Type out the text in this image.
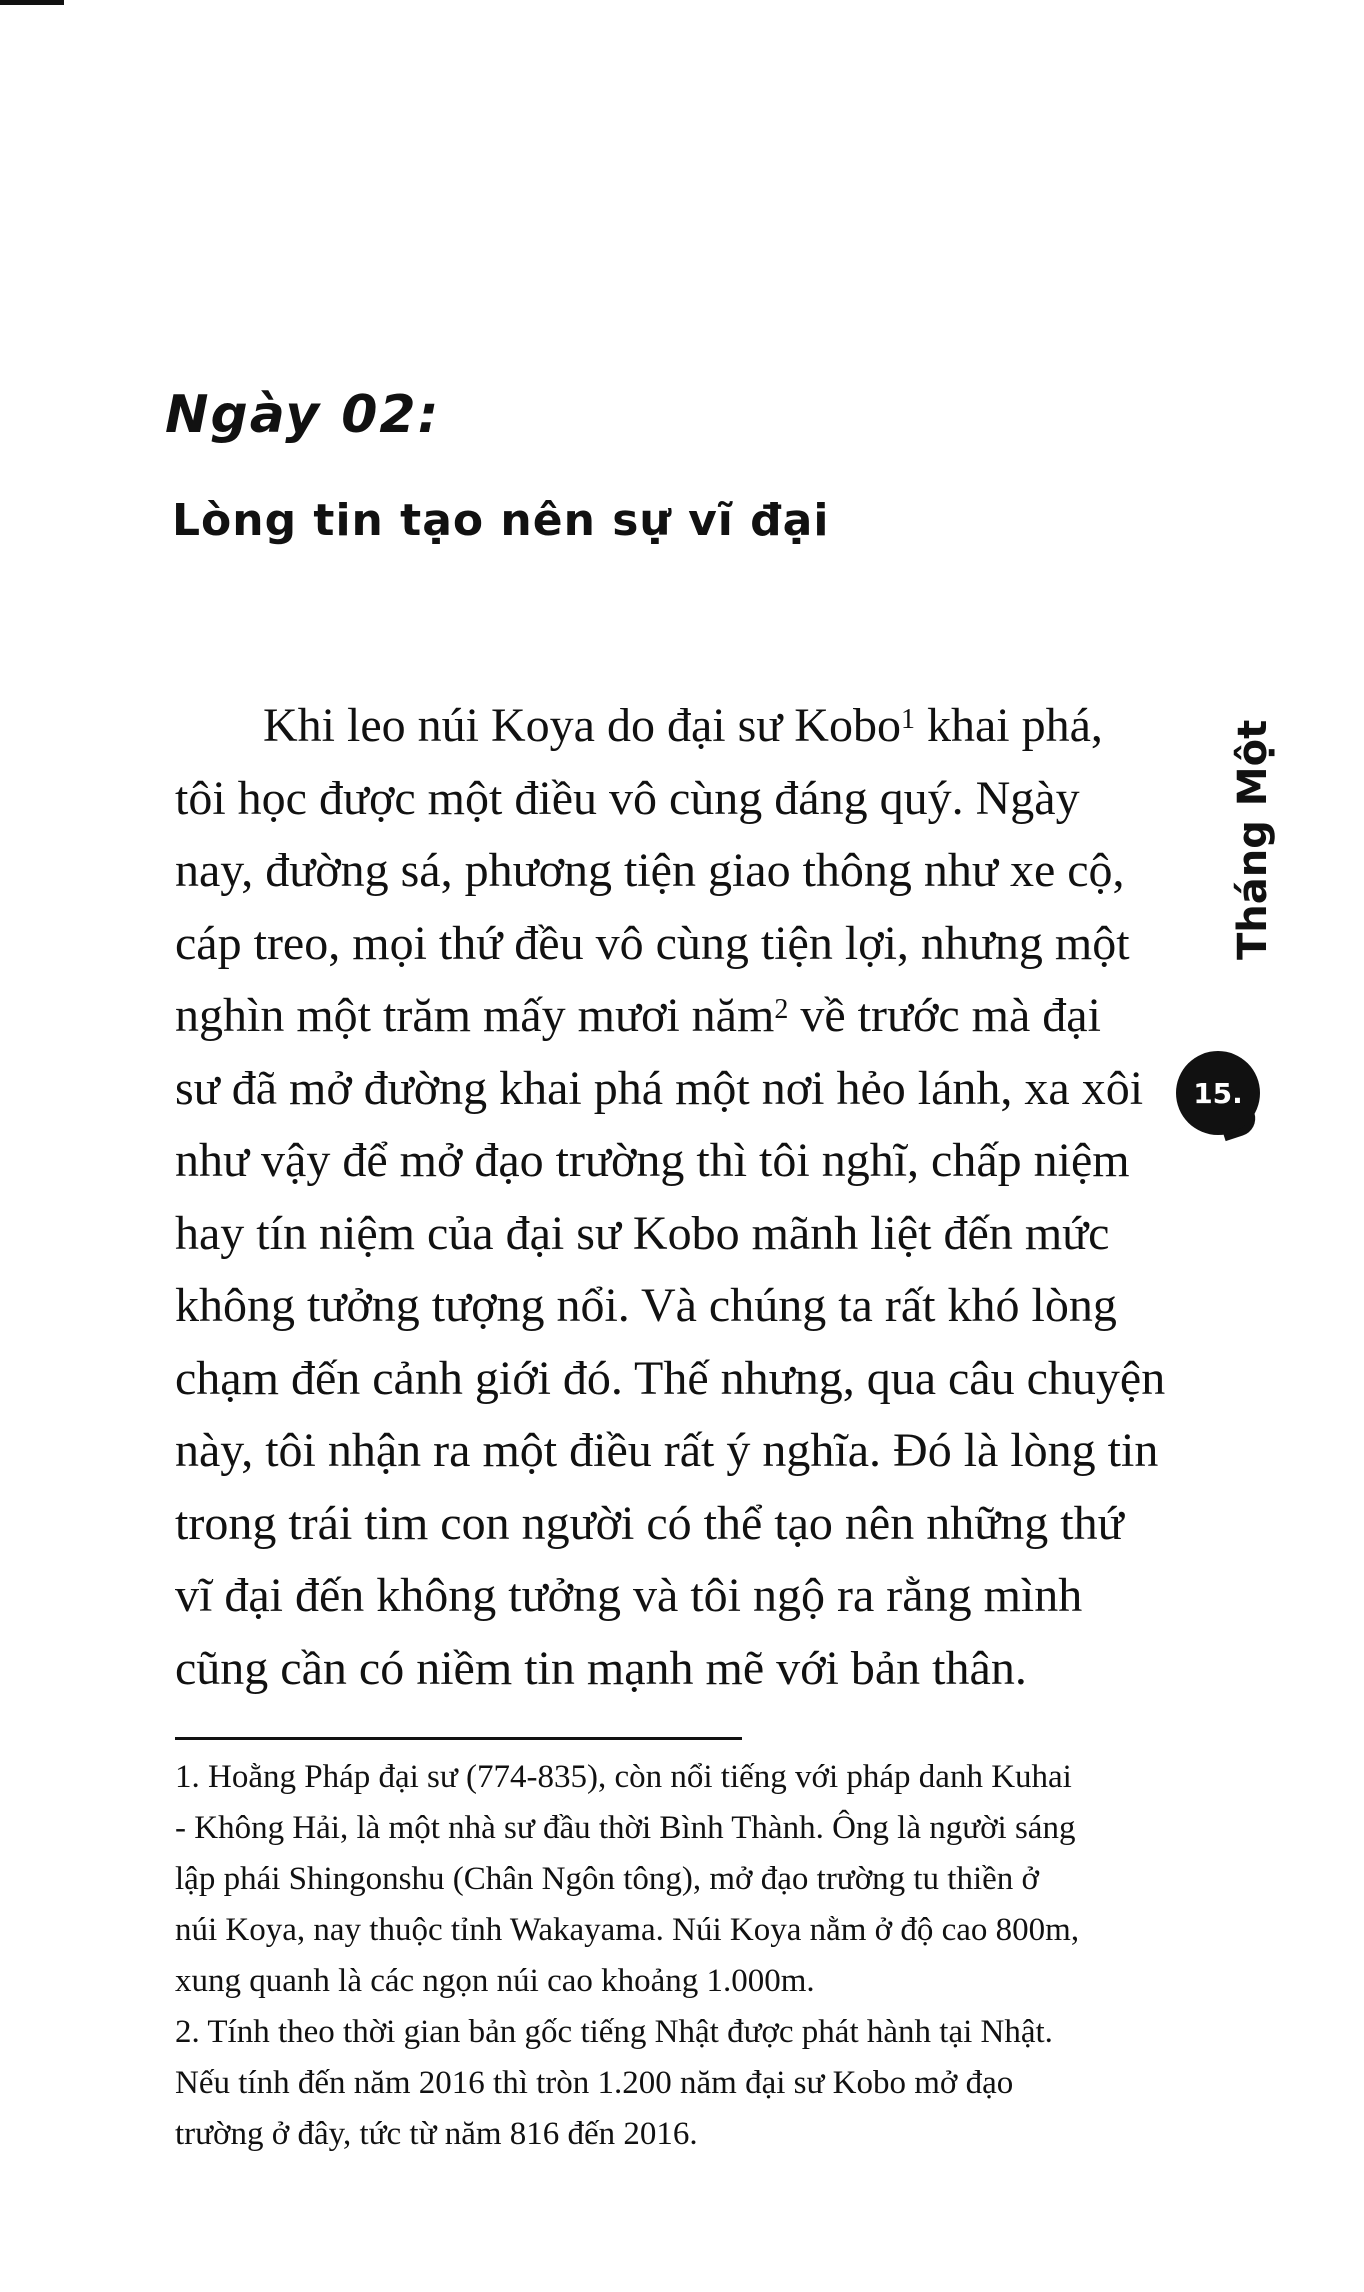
Ngày 02:
Lòng tin tạo nên sự vĩ đại
Khi leo núi Koya do đại sư Kobo$^1$ khai phá,
tôi học được một điều vô cùng đáng quý. Ngày
nay, đường sá, phương tiện giao thông như xe cộ,
cáp treo, mọi thứ đều vô cùng tiện lợi, nhưng một
nghìn một trăm mấy mươi năm$^2$ về trước mà đại
sư đã mở đường khai phá một nơi hẻo lánh, xa xôi
như vậy để mở đạo trường thì tôi nghĩ, chấp niệm
hay tín niệm của đại sư Kobo mãnh liệt đến mức
không tưởng tượng nổi. Và chúng ta rất khó lòng
chạm đến cảnh giới đó. Thế nhưng, qua câu chuyện
này, tôi nhận ra một điều rất ý nghĩa. Đó là lòng tin
trong trái tim con người có thể tạo nên những thứ
vĩ đại đến không tưởng và tôi ngộ ra rằng mình
cũng cần có niềm tin mạnh mẽ với bản thân.
1. Hoằng Pháp đại sư (774-835), còn nổi tiếng với pháp danh Kuhai
- Không Hải, là một nhà sư đầu thời Bình Thành. Ông là người sáng
lập phái Shingonshu (Chân Ngôn tông), mở đạo trường tu thiền ở
núi Koya, nay thuộc tỉnh Wakayama. Núi Koya nằm ở độ cao 800m,
xung quanh là các ngọn núi cao khoảng 1.000m.
2. Tính theo thời gian bản gốc tiếng Nhật được phát hành tại Nhật.
Nếu tính đến năm 2016 thì tròn 1.200 năm đại sư Kobo mở đạo
trường ở đây, tức từ năm 816 đến 2016.
Tháng Một
15.
